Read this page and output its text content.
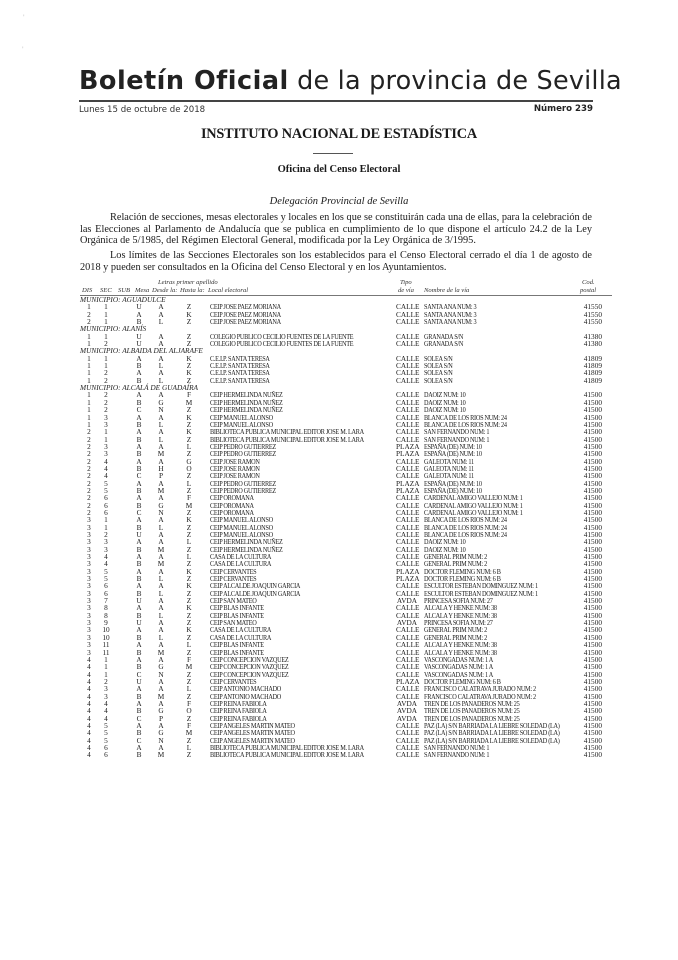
'
'
Boletín Oficial de la provincia de Sevilla
Lunes 15 de octubre de 2018	Número 239
INSTITUTO NACIONAL DE ESTADÍSTICA
Oficina del Censo Electoral
Delegación Provincial de Sevilla
Relación de secciones, mesas electorales y locales en los que se constituirán cada una de ellas, para la celebración de las Elecciones al Parlamento de Andalucía que se publica en cumplimiento de lo que dispone el artículo 24.2 de la Ley Orgánica de 5/1985, del Régimen Electoral General, modificada por la Ley Orgánica de 3/1995.
Los límites de las Secciones Electorales son los establecidos para el Censo Electoral cerrado el día 1 de agosto de 2018 y pueden ser consultados en la Oficina del Censo Electoral y en los Ayuntamientos.
DIS SEC SUB Mesa
Letras primer apellido
Desde la: Hasta la: Local electoral
Tipo
de vía Nombre de la vía
Cod.
postal
MUNICIPIO: AGUADULCE
1	1	U	A	Z	CEIP JOSE PAEZ MORIANA	CALLE SANTA ANA NUM: 3	41550
2	1	A	A	K	CEIP JOSE PAEZ MORIANA	CALLE SANTA ANA NUM: 3	41550
2	1	B	L	Z	CEIP JOSE PAEZ MORIANA	CALLE SANTA ANA NUM: 3	41550
MUNICIPIO: ALANÍS
1	1	U	A	Z	COLEGIO PUBLICO CECILIO FUENTES DE LA FUENTE	CALLE GRANADA S/N	41380
1	2	U	A	Z	COLEGIO PUBLICO CECILIO FUENTES DE LA FUENTE	CALLE GRANADA S/N	41380
MUNICIPIO: ALBAIDA DEL ALJARAFE
1	1	A	A	K	C.E.I.P. SANTA TERESA	CALLE SOLEA S/N	41809
1	1	B	L	Z	C.E.I.P. SANTA TERESA	CALLE SOLEA S/N	41809
1	2	A	A	K	C.E.I.P. SANTA TERESA	CALLE SOLEA S/N	41809
1	2	B	L	Z	C.E.I.P. SANTA TERESA	CALLE SOLEA S/N	41809
MUNICIPIO: ALCALÁ DE GUADAÍRA
1	2	A	A	F	CEIP HERMELINDA NUÑEZ	CALLE DAOIZ NUM: 10	41500
1	2	B	G	M CEIP HERMELINDA NUÑEZ	CALLE DAOIZ NUM: 10	41500
1	2	C	N	Z	CEIP HERMELINDA NUÑEZ	CALLE DAOIZ NUM: 10	41500
1	3	A	A	K	CEIP MANUEL ALONSO	CALLE BLANCA DE LOS RIOS NUM: 24	41500
1	3	B	L	Z	CEIP MANUEL ALONSO	CALLE BLANCA DE LOS RIOS NUM: 24	41500
2	1	A	A	K	BIBLIOTECA PUBLICA MUNICIPAL EDITOR JOSE M. LARA	CALLE SAN FERNANDO NUM: 1	41500
2	1	B	L	Z	BIBLIOTECA PUBLICA MUNICIPAL EDITOR JOSE M. LARA	CALLE SAN FERNANDO NUM: 1	41500
2	3	A	A	L	CEIP PEDRO GUTIERREZ	PLAZA ESPAÑA (DE) NUM: 10	41500
2	3	B	M	Z	CEIP PEDRO GUTIERREZ	PLAZA ESPAÑA (DE) NUM: 10	41500
2	4	A	A	G	CEIP JOSE RAMON	CALLE GALEOTA NUM: 11	41500
2	4	B	H	O	CEIP JOSE RAMON	CALLE GALEOTA NUM: 11	41500
2	4	C	P	Z	CEIP JOSE RAMON	CALLE GALEOTA NUM: 11	41500
2	5	A	A	L	CEIP PEDRO GUTIERREZ	PLAZA ESPAÑA (DE) NUM: 10	41500
2	5	B	M	Z	CEIP PEDRO GUTIERREZ	PLAZA ESPAÑA (DE) NUM: 10	41500
2	6	A	A	F	CEIP OROMANA	CALLE CARDENAL AMIGO VALLEJO NUM: 1	41500
2	6	B	G	M CEIP OROMANA	CALLE CARDENAL AMIGO VALLEJO NUM: 1	41500
2	6	C	N	Z	CEIP OROMANA	CALLE CARDENAL AMIGO VALLEJO NUM: 1	41500
3	1	A	A	K	CEIP MANUEL ALONSO	CALLE BLANCA DE LOS RIOS NUM: 24	41500
3	1	B	L	Z	CEIP MANUEL ALONSO	CALLE BLANCA DE LOS RIOS NUM: 24	41500
3	2	U	A	Z	CEIP MANUEL ALONSO	CALLE BLANCA DE LOS RIOS NUM: 24	41500
3	3	A	A	L	CEIP HERMELINDA NUÑEZ	CALLE DAOIZ NUM: 10	41500
3	3	B	M	Z	CEIP HERMELINDA NUÑEZ	CALLE DAOIZ NUM: 10	41500
3	4	A	A	L	CASA DE LA CULTURA	CALLE GENERAL PRIM NUM: 2	41500
3	4	B	M	Z	CASA DE LA CULTURA	CALLE GENERAL PRIM NUM: 2	41500
3	5	A	A	K	CEIP CERVANTES	PLAZA DOCTOR FLEMING NUM: 6 B	41500
3	5	B	L	Z	CEIP CERVANTES	PLAZA DOCTOR FLEMING NUM: 6 B	41500
3	6	A	A	K	CEIP ALCALDE JOAQUIN GARCIA	CALLE ESCULTOR ESTEBAN DOMINGUEZ NUM: 1	41500
3	6	B	L	Z	CEIP ALCALDE JOAQUIN GARCIA	CALLE ESCULTOR ESTEBAN DOMINGUEZ NUM: 1	41500
3	7	U	A	Z	CEIP SAN MATEO	AVDA PRINCESA SOFIA NUM: 27	41500
3	8	A	A	K	CEIP BLAS INFANTE	CALLE ALCALA Y HENKE NUM: 38	41500
3	8	B	L	Z	CEIP BLAS INFANTE	CALLE ALCALA Y HENKE NUM: 38	41500
3	9	U	A	Z	CEIP SAN MATEO	AVDA PRINCESA SOFIA NUM: 27	41500
3	10	A	A	K	CASA DE LA CULTURA	CALLE GENERAL PRIM NUM: 2	41500
3	10	B	L	Z	CASA DE LA CULTURA	CALLE GENERAL PRIM NUM: 2	41500
3	11	A	A	L	CEIP BLAS INFANTE	CALLE ALCALA Y HENKE NUM: 38	41500
3	11	B	M	Z	CEIP BLAS INFANTE	CALLE ALCALA Y HENKE NUM: 38	41500
4	1	A	A	F	CEIP CONCEPCION VAZQUEZ	CALLE VASCONGADAS NUM: 1 A	41500
4	1	B	G	M CEIP CONCEPCION VAZQUEZ	CALLE VASCONGADAS NUM: 1 A	41500
4	1	C	N	Z	CEIP CONCEPCION VAZQUEZ	CALLE VASCONGADAS NUM: 1 A	41500
4	2	U	A	Z	CEIP CERVANTES	PLAZA DOCTOR FLEMING NUM: 6 B	41500
4	3	A	A	L	CEIP ANTONIO MACHADO	CALLE FRANCISCO CALATRAVA JURADO NUM: 2	41500
4	3	B	M	Z	CEIP ANTONIO MACHADO	CALLE FRANCISCO CALATRAVA JURADO NUM: 2	41500
4	4	A	A	F	CEIP REINA FABIOLA	AVDA TREN DE LOS PANADEROS NUM: 25	41500
4	4	B	G	O	CEIP REINA FABIOLA	AVDA TREN DE LOS PANADEROS NUM: 25	41500
4	4	C	P	Z	CEIP REINA FABIOLA	AVDA TREN DE LOS PANADEROS NUM: 25	41500
4	5	A	A	F	CEIP ANGELES MARTIN MATEO	CALLE PAZ (LA) S/N BARRIADA LA LIEBRE SOLEDAD (LA)	41500
4	5	B	G	M CEIP ANGELES MARTIN MATEO	CALLE PAZ (LA) S/N BARRIADA LA LIEBRE SOLEDAD (LA)	41500
4	5	C	N	Z	CEIP ANGELES MARTIN MATEO	CALLE PAZ (LA) S/N BARRIADA LA LIEBRE SOLEDAD (LA)	41500
4	6	A	A	L	BIBLIOTECA PUBLICA MUNICIPAL EDITOR JOSE M. LARA	CALLE SAN FERNANDO NUM: 1	41500
4	6	B	M	Z	BIBLIOTECA PUBLICA MUNICIPAL EDITOR JOSE M. LARA	CALLE SAN FERNANDO NUM: 1	41500
